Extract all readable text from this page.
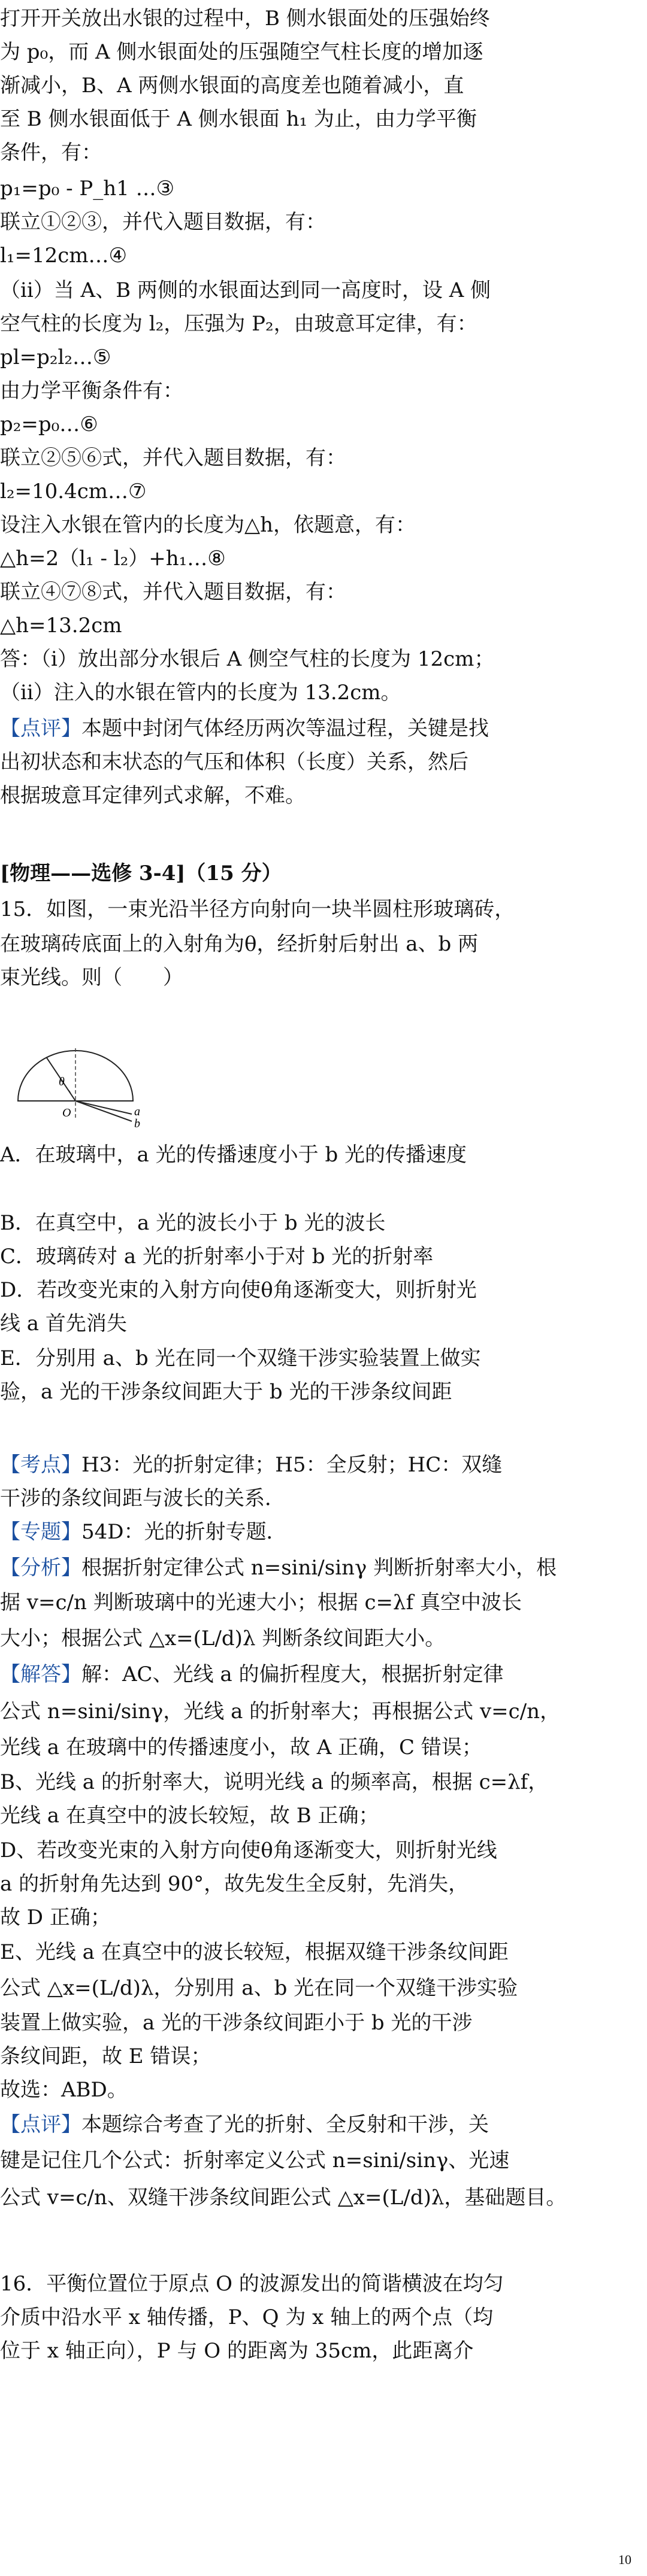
打开开关放出水银的过程中，B 侧水银面处的压强始终
为 p₀，而 A 侧水银面处的压强随空气柱长度的增加逐
渐减小，B、A 两侧水银面的高度差也随着减小，直
至 B 侧水银面低于 A 侧水银面 h₁ 为止，由力学平衡
条件，有：
p₁=p₀ - P_h1 …③
联立①②③，并代入题目数据，有：
l₁=12cm…④
（ii）当 A、B 两侧的水银面达到同一高度时，设 A 侧
空气柱的长度为 l₂，压强为 P₂，由玻意耳定律，有：
pl=p₂l₂…⑤
由力学平衡条件有：
p₂=p₀…⑥
联立②⑤⑥式，并代入题目数据，有：
l₂=10.4cm…⑦
设注入水银在管内的长度为△h，依题意，有：
△h=2（l₁ - l₂）+h₁…⑧
联立④⑦⑧式，并代入题目数据，有：
△h=13.2cm
答：（i）放出部分水银后 A 侧空气柱的长度为 12cm；
（ii）注入的水银在管内的长度为 13.2cm。
【点评】本题中封闭气体经历两次等温过程，关键是找
出初状态和末状态的气压和体积（长度）关系，然后
根据玻意耳定律列式求解，不难。
[物理——选修 3-4]（15 分）
15．如图，一束光沿半径方向射向一块半圆柱形玻璃砖，
在玻璃砖底面上的入射角为θ，经折射后射出 a、b 两
束光线。则（　　）
θ
O	a
b
A．在玻璃中，a 光的传播速度小于 b 光的传播速度
B．在真空中，a 光的波长小于 b 光的波长
C．玻璃砖对 a 光的折射率小于对 b 光的折射率
D．若改变光束的入射方向使θ角逐渐变大，则折射光
线 a 首先消失
E．分别用 a、b 光在同一个双缝干涉实验装置上做实
验，a 光的干涉条纹间距大于 b 光的干涉条纹间距
【考点】H3：光的折射定律；H5：全反射；HC：双缝
干涉的条纹间距与波长的关系．
【专题】54D：光的折射专题．
【分析】根据折射定律公式 n=sini/sinγ 判断折射率大小，根
据 v=c/n 判断玻璃中的光速大小；根据 c=λf 真空中波长
大小；根据公式 △x=(L/d)λ 判断条纹间距大小。
【解答】解：AC、光线 a 的偏折程度大，根据折射定律
公式 n=sini/sinγ，光线 a 的折射率大；再根据公式 v=c/n，
光线 a 在玻璃中的传播速度小，故 A 正确，C 错误；
B、光线 a 的折射率大，说明光线 a 的频率高，根据 c=λf，
光线 a 在真空中的波长较短，故 B 正确；
D、若改变光束的入射方向使θ角逐渐变大，则折射光线
a 的折射角先达到 90°，故先发生全反射，先消失，
故 D 正确；
E、光线 a 在真空中的波长较短，根据双缝干涉条纹间距
公式 △x=(L/d)λ，分别用 a、b 光在同一个双缝干涉实验
装置上做实验，a 光的干涉条纹间距小于 b 光的干涉
条纹间距，故 E 错误；
故选：ABD。
【点评】本题综合考查了光的折射、全反射和干涉，关
键是记住几个公式：折射率定义公式 n=sini/sinγ、光速
公式 v=c/n、双缝干涉条纹间距公式 △x=(L/d)λ，基础题目。
16．平衡位置位于原点 O 的波源发出的简谐横波在均匀
介质中沿水平 x 轴传播，P、Q 为 x 轴上的两个点（均
位于 x 轴正向），P 与 O 的距离为 35cm，此距离介
10
